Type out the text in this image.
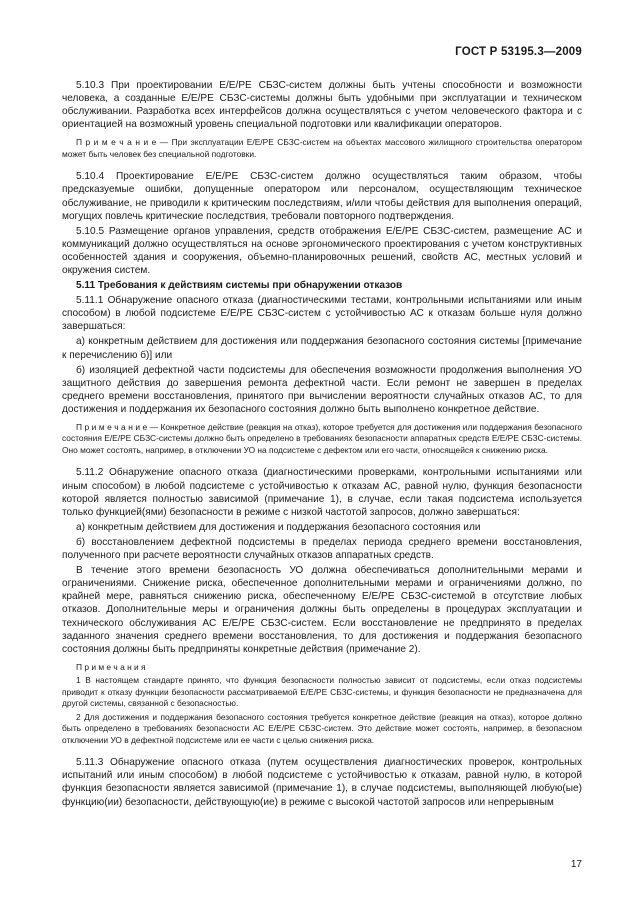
ГОСТ Р 53195.3—2009

5.10.3 При проектировании Е/Е/РЕ СБЗС-систем должны быть учтены способности и возможности человека, а созданные Е/Е/РЕ СБЗС-системы должны быть удобными при эксплуатации и техническом обслуживании. Разработка всех интерфейсов должна осуществляться с учетом человеческого фактора и с ориентацией на возможный уровень специальной подготовки или квалификации операторов.

П р и м е ч а н и е — При эксплуатации Е/Е/РЕ СБЗС-систем на объектах массового жилищного строительства оператором может быть человек без специальной подготовки.

5.10.4 Проектирование Е/Е/РЕ СБЗС-систем должно осуществляться таким образом, чтобы предсказуемые ошибки, допущенные оператором или персоналом, осуществляющим техническое обслуживание, не приводили к критическим последствиям, и/или чтобы действия для выполнения операций, могущих повлечь критические последствия, требовали повторного подтверждения.

5.10.5 Размещение органов управления, средств отображения Е/Е/РЕ СБЗС-систем, размещение АС и коммуникаций должно осуществляться на основе эргономического проектирования с учетом конструктивных особенностей здания и сооружения, объемно-планировочных решений, свойств АС, местных условий и окружения систем.

5.11 Требования к действиям системы при обнаружении отказов

5.11.1 Обнаружение опасного отказа (диагностическими тестами, контрольными испытаниями или иным способом) в любой подсистеме Е/Е/РЕ СБЗС-систем с устойчивостью АС к отказам больше нуля должно завершаться:

а) конкретным действием для достижения или поддержания безопасного состояния системы [примечание к перечислению б)] или

б) изоляцией дефектной части подсистемы для обеспечения возможности продолжения выполнения УО защитного действия до завершения ремонта дефектной части. Если ремонт не завершен в пределах среднего времени восстановления, принятого при вычислении вероятности случайных отказов АС, то для достижения и поддержания их безопасного состояния должно быть выполнено конкретное действие.

П р и м е ч а н и е — Конкретное действие (реакция на отказ), которое требуется для достижения или поддержания безопасного состояния Е/Е/РЕ СБЗС-системы должно быть определено в требованиях безопасности аппаратных средств Е/Е/РЕ СБЗС-системы. Оно может состоять, например, в отключении УО на подсистеме с дефектом или его части, относящейся к снижению риска.

5.11.2 Обнаружение опасного отказа (диагностическими проверками, контрольными испытаниями или иным способом) в любой подсистеме с устойчивостью к отказам АС, равной нулю, функция безопасности которой является полностью зависимой (примечание 1), в случае, если такая подсистема используется только функцией(ями) безопасности в режиме с низкой частотой запросов, должно завершаться:

а) конкретным действием для достижения и поддержания безопасного состояния или

б) восстановлением дефектной подсистемы в пределах периода среднего времени восстановления, полученного при расчете вероятности случайных отказов аппаратных средств.

В течение этого времени безопасность УО должна обеспечиваться дополнительными мерами и ограничениями. Снижение риска, обеспеченное дополнительными мерами и ограничениями должно, по крайней мере, равняться снижению риска, обеспеченному Е/Е/РЕ СБЗС-системой в отсутствие любых отказов. Дополнительные меры и ограничения должны быть определены в процедурах эксплуатации и технического обслуживания АС Е/Е/РЕ СБЗС-систем. Если восстановление не предпринято в пределах заданного значения среднего времени восстановления, то для достижения и поддержания безопасного состояния должны быть предприняты конкретные действия (примечание 2).

П р и м е ч а н и я

1 В настоящем стандарте принято, что функция безопасности полностью зависит от подсистемы, если отказ подсистемы приводит к отказу функции безопасности рассматриваемой Е/Е/РЕ СБЗС-системы, и функция безопасности не предназначена для другой системы, связанной с безопасностью.

2 Для достижения и поддержания безопасного состояния требуется конкретное действие (реакция на отказ), которое должно быть определено в требованиях безопасности АС Е/Е/РЕ СБЗС-систем. Это действие может состоять, например, в безопасном отключении УО в дефектной подсистеме или ее части с целью снижения риска.

5.11.3 Обнаружение опасного отказа (путем осуществления диагностических проверок, контрольных испытаний или иным способом) в любой подсистеме с устойчивостью к отказам, равной нулю, в которой функция безопасности является зависимой (примечание 1), в случае подсистемы, выполняющей любую(ые) функцию(ии) безопасности, действующую(ие) в режиме с высокой частотой запросов или непрерывным

17
